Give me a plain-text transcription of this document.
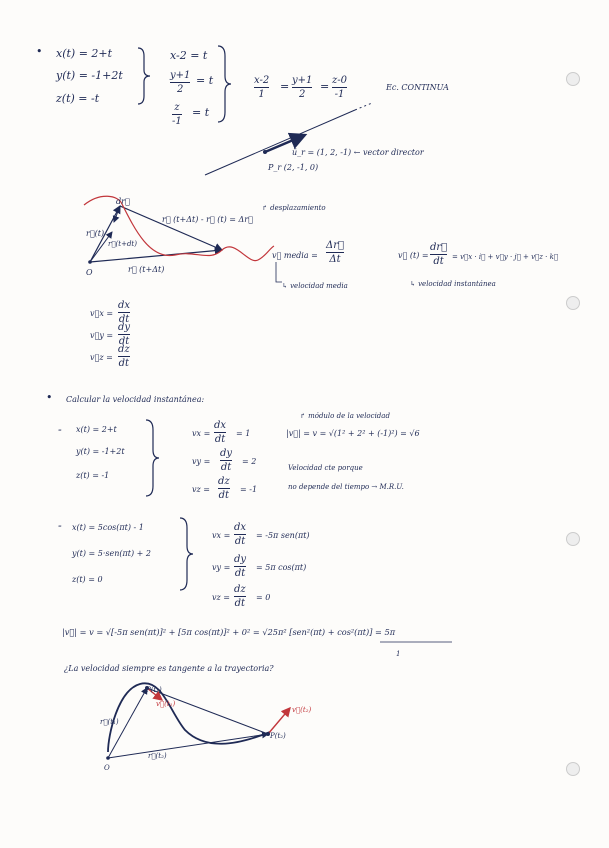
• x(t) = 2+t
y(t) = -1+2t
z(t) = -t
x-2 = t
y+1
2
= t
z
-1
= t
x-2
1
= y+1
2
= z-0
-1
Ec. CONTINUA
ū_r = (1, 2, -1) ← vector director
P_r (2, -1, 0)
dr⃗
r⃗(t)
r⃗(t+dt)
r⃗ (t+Δt)
O
r⃗ (t+Δt) - r⃗ (t) = Δr⃗
↱ desplazamiento
v⃗ media =
Δr⃗
Δt
↳ velocidad media
v⃗ (t) =
dr⃗
dt = v⃗x · i⃗ + v⃗y · j⃗ + v⃗z · k⃗
↳ velocidad instantánea
v⃗x =
dx
dt
v⃗y =
dy
dt
v⃗z =
dz
dt
• Calcular la velocidad instantánea:
- x(t) = 2+t
y(t) = -1+2t
z(t) = -1
vx =
dx
dt
= 1
vy =
dy
dt
= 2
vz =
dz
dt
= -1
↱ módulo de la velocidad
|v⃗| = v = √(1² + 2² + (-1)²) = √6
Velocidad cte porque
no depende del tiempo → M.R.U.
- x(t) = 5cos(πt) - 1
y(t) = 5·sen(πt) + 2
z(t) = 0
vx =
dx
dt
= -5π sen(πt)
vy =
dy
dt
= 5π cos(πt)
vz =
dz
dt
= 0
|v⃗| = v = √[-5π sen(πt)]² + [5π cos(πt)]² + 0² = √25π² [sen²(πt) + cos²(πt)] = 5π
1
¿La velocidad siempre es tangente a la trayectoria?
P(t₁)
v⃗(t₁)
r⃗(t₁)
P(t₂)
v⃗(t₂)
r⃗(t₂)
O
